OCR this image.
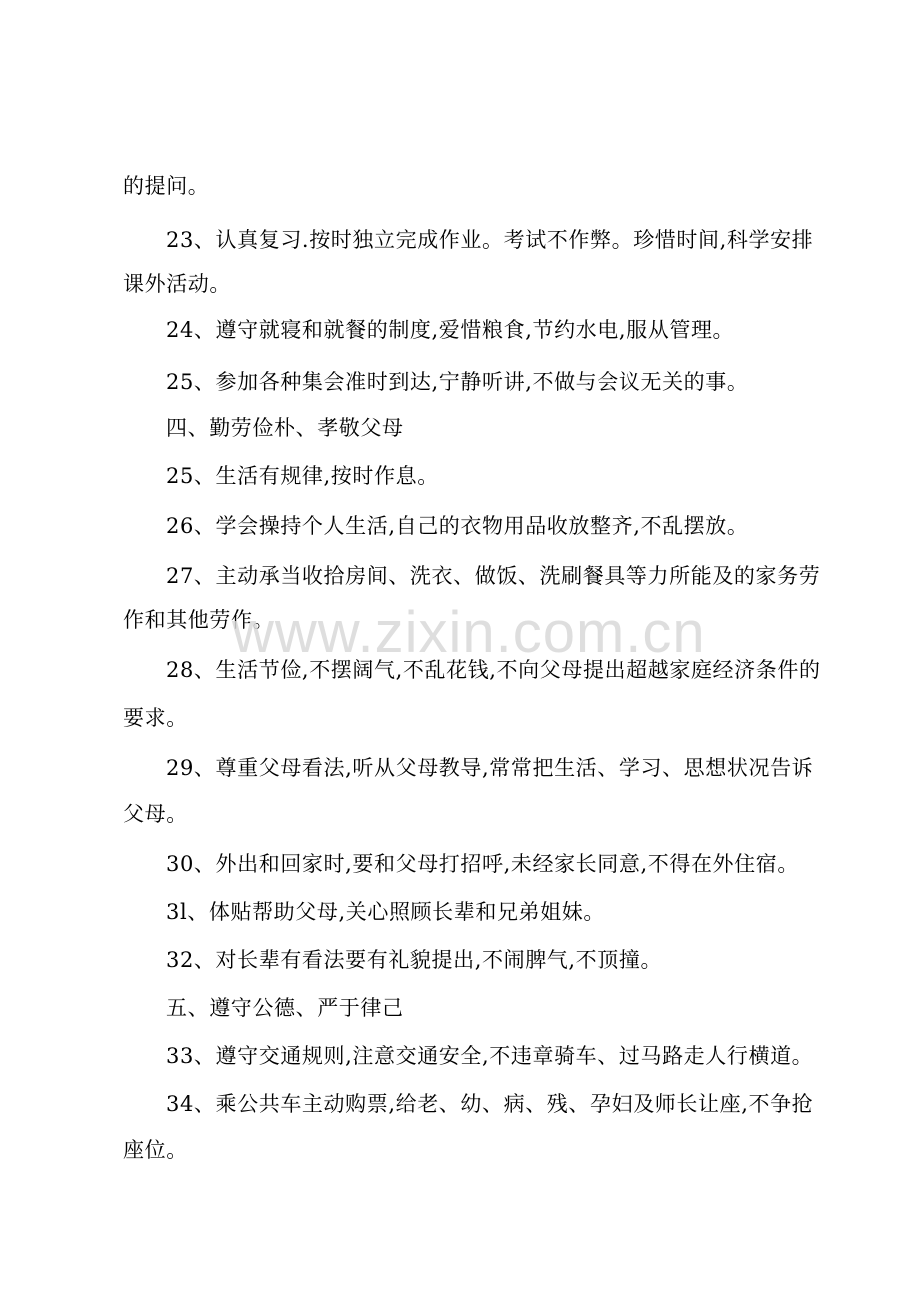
的提问。
23、认真复习.按时独立完成作业。考试不作弊。珍惜时间,科学安排
课外活动。
24、遵守就寝和就餐的制度,爱惜粮食,节约水电,服从管理。
25、参加各种集会准时到达,宁静听讲,不做与会议无关的事。
四、勤劳俭朴、孝敬父母
25、生活有规律,按时作息。
26、学会操持个人生活,自己的衣物用品收放整齐,不乱摆放。
27、主动承当收拾房间、洗衣、做饭、洗刷餐具等力所能及的家务劳
作和其他劳作。
28、生活节俭,不摆阔气,不乱花钱,不向父母提出超越家庭经济条件的
要求。
29、尊重父母看法,听从父母教导,常常把生活、学习、思想状况告诉
父母。
30、外出和回家时,要和父母打招呼,未经家长同意,不得在外住宿。
3l、体贴帮助父母,关心照顾长辈和兄弟姐妹。
32、对长辈有看法要有礼貌提出,不闹脾气,不顶撞。
五、遵守公德、严于律己
33、遵守交通规则,注意交通安全,不违章骑车、过马路走人行横道。
34、乘公共车主动购票,给老、幼、病、残、孕妇及师长让座,不争抢
座位。
www.zixin.com.cn
